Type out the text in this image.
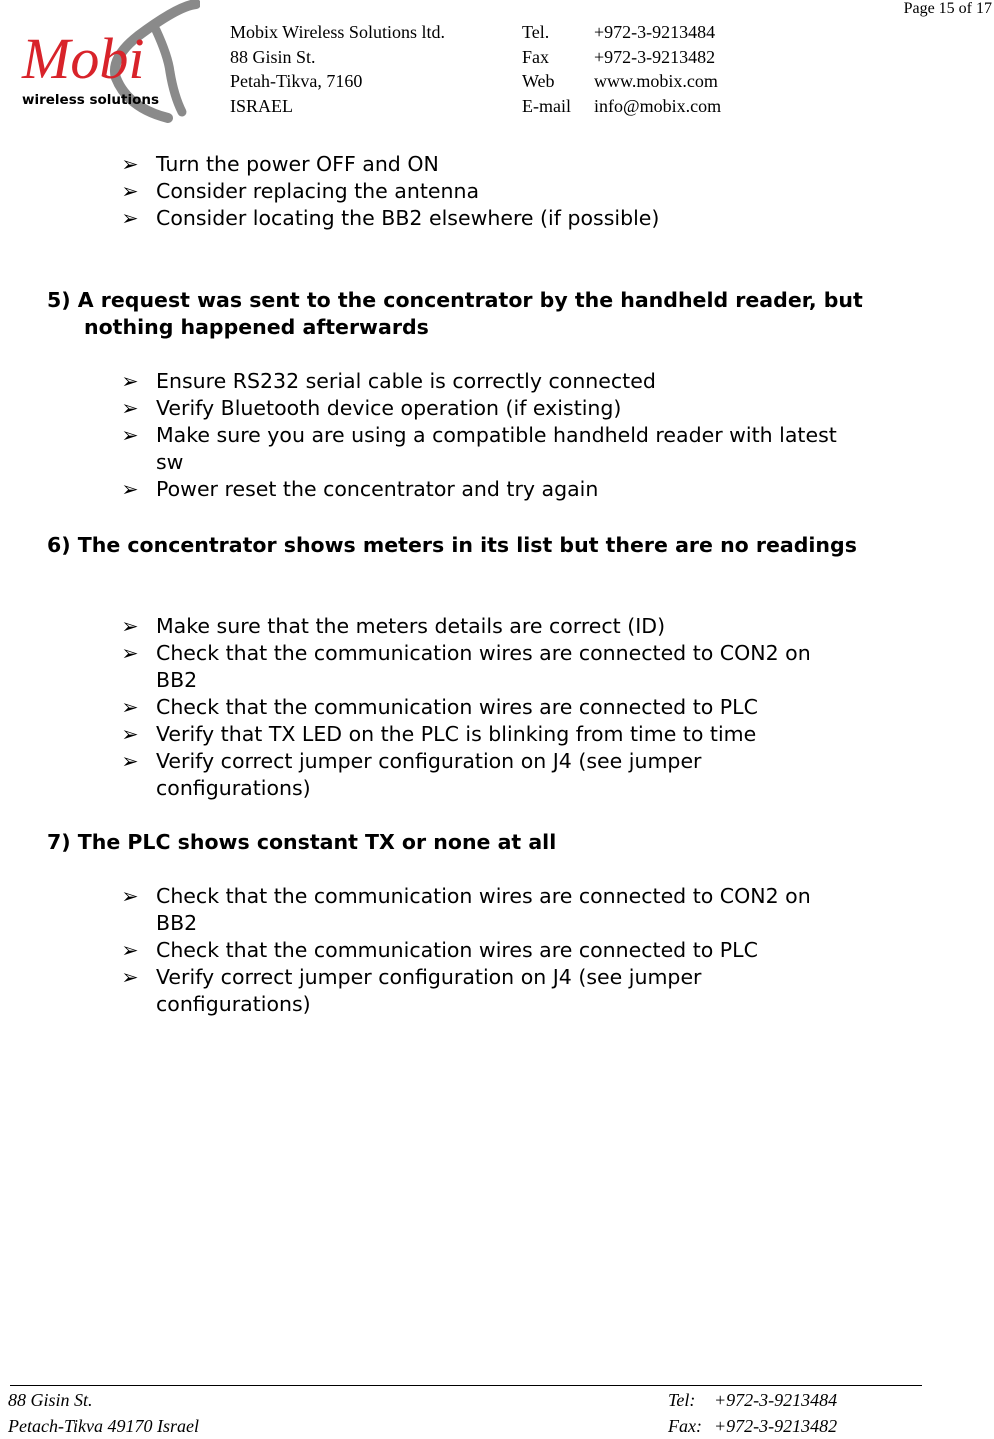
Page 15 of 17
Mobi
wireless solutions
Mobix Wireless Solutions ltd.
88 Gisin St.
Petah-Tikva, 7160
ISRAEL
Tel.	+972-3-9213484
Fax	+972-3-9213482
Web	www.mobix.com
E-mail	info@mobix.com
➢ Turn the power OFF and ON
➢ Consider replacing the antenna
➢ Consider locating the BB2 elsewhere (if possible)
5) A request was sent to the concentrator by the handheld reader, but nothing happened afterwards
➢ Ensure RS232 serial cable is correctly connected
➢ Verify Bluetooth device operation (if existing)
➢ Make sure you are using a compatible handheld reader with latest sw
➢ Power reset the concentrator and try again
6) The concentrator shows meters in its list but there are no readings
➢ Make sure that the meters details are correct (ID)
➢ Check that the communication wires are connected to CON2 on BB2
➢ Check that the communication wires are connected to PLC
➢ Verify that TX LED on the PLC is blinking from time to time
➢ Verify correct jumper configuration on J4 (see jumper configurations)
7) The PLC shows constant TX or none at all
➢ Check that the communication wires are connected to CON2 on BB2
➢ Check that the communication wires are connected to PLC
➢ Verify correct jumper configuration on J4 (see jumper configurations)
88 Gisin St.
Petach-Tikva 49170 Israel
Tel:	+972-3-9213484
Fax: +972-3-9213482
